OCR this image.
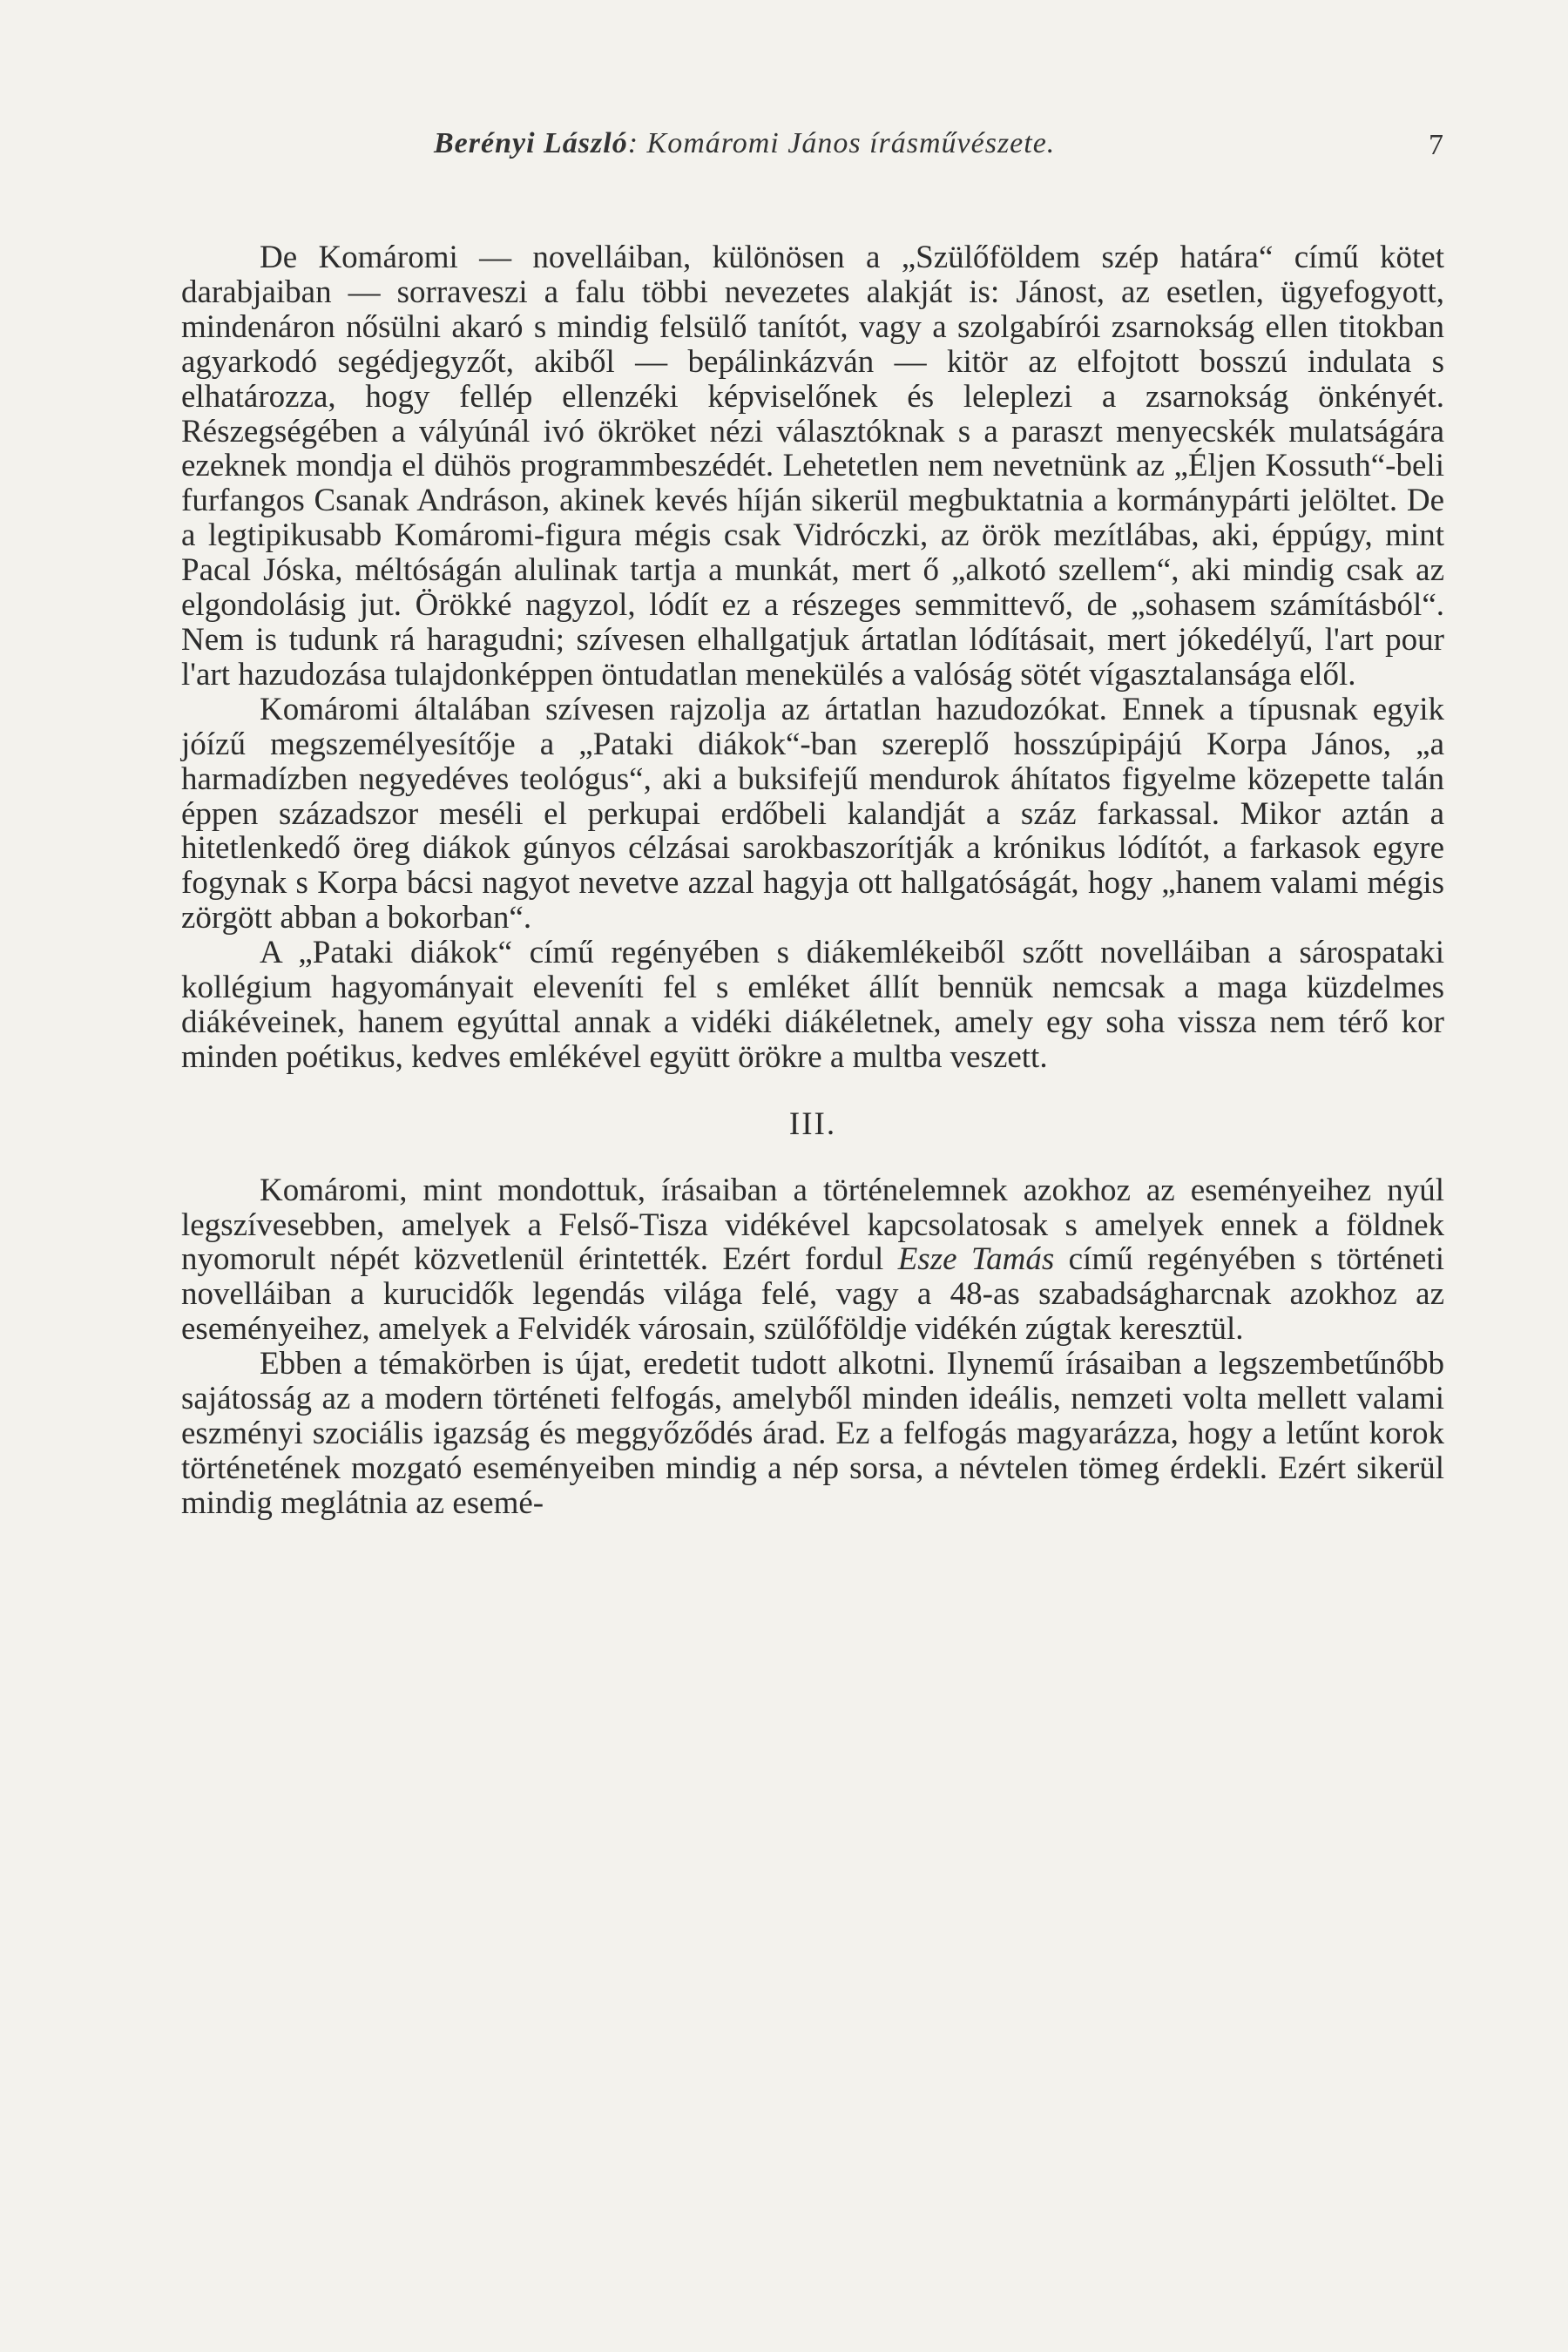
Berényi László: Komáromi János írásművészete.	7

De Komáromi — novelláiban, különösen a „Szülőföldem szép határa“ című kötet darabjaiban — sorraveszi a falu többi nevezetes alakját is: Jánost, az esetlen, ügyefogyott, mindenáron nősülni akaró s mindig felsülő tanítót, vagy a szolgabírói zsarnokság ellen titokban agyarkodó segédjegyzőt, akiből — bepálinkázván — kitör az elfojtott bosszú indulata s elhatározza, hogy fellép ellenzéki képviselőnek és leleplezi a zsarnokság önkényét. Részegségében a vályúnál ivó ökröket nézi választóknak s a paraszt menyecskék mulatságára ezeknek mondja el dühös programmbeszédét. Lehetetlen nem nevetnünk az „Éljen Kossuth“-beli furfangos Csanak Andráson, akinek kevés híján sikerül megbuktatnia a kormánypárti jelöltet. De a legtipikusabb Komáromi-figura mégis csak Vidróczki, az örök mezítlábas, aki, éppúgy, mint Pacal Jóska, méltóságán alulinak tartja a munkát, mert ő „alkotó szellem“, aki mindig csak az elgondolásig jut. Örökké nagyzol, lódít ez a részeges semmittevő, de „sohasem számításból“. Nem is tudunk rá haragudni; szívesen elhallgatjuk ártatlan lódításait, mert jókedélyű, l'art pour l'art hazudozása tulajdonképpen öntudatlan menekülés a valóság sötét vígasztalansága elől.

Komáromi általában szívesen rajzolja az ártatlan hazudozókat. Ennek a típusnak egyik jóízű megszemélyesítője a „Pataki diákok“-ban szereplő hosszúpipájú Korpa János, „a harmadízben negyedéves teológus“, aki a buksifejű mendurok áhítatos figyelme közepette talán éppen századszor meséli el perkupai erdőbeli kalandját a száz farkassal. Mikor aztán a hitetlenkedő öreg diákok gúnyos célzásai sarokbaszorítják a krónikus lódítót, a farkasok egyre fogynak s Korpa bácsi nagyot nevetve azzal hagyja ott hallgatóságát, hogy „hanem valami mégis zörgött abban a bokorban“.

A „Pataki diákok“ című regényében s diákemlékeiből szőtt novelláiban a sárospataki kollégium hagyományait eleveníti fel s emléket állít bennük nemcsak a maga küzdelmes diákéveinek, hanem egyúttal annak a vidéki diákéletnek, amely egy soha vissza nem térő kor minden poétikus, kedves emlékével együtt örökre a multba veszett.

III.

Komáromi, mint mondottuk, írásaiban a történelemnek azokhoz az eseményeihez nyúl legszívesebben, amelyek a Felső-Tisza vidékével kapcsolatosak s amelyek ennek a földnek nyomorult népét közvetlenül érintették. Ezért fordul Esze Tamás című regényében s történeti novelláiban a kurucidők legendás világa felé, vagy a 48-as szabadságharcnak azokhoz az eseményeihez, amelyek a Felvidék városain, szülőföldje vidékén zúgtak keresztül.

Ebben a témakörben is újat, eredetit tudott alkotni. Ilynemű írásaiban a legszembetűnőbb sajátosság az a modern történeti felfogás, amelyből minden ideális, nemzeti volta mellett valami eszményi szociális igazság és meggyőződés árad. Ez a felfogás magyarázza, hogy a letűnt korok történetének mozgató eseményeiben mindig a nép sorsa, a névtelen tömeg érdekli. Ezért sikerül mindig meglátnia az esemé-
